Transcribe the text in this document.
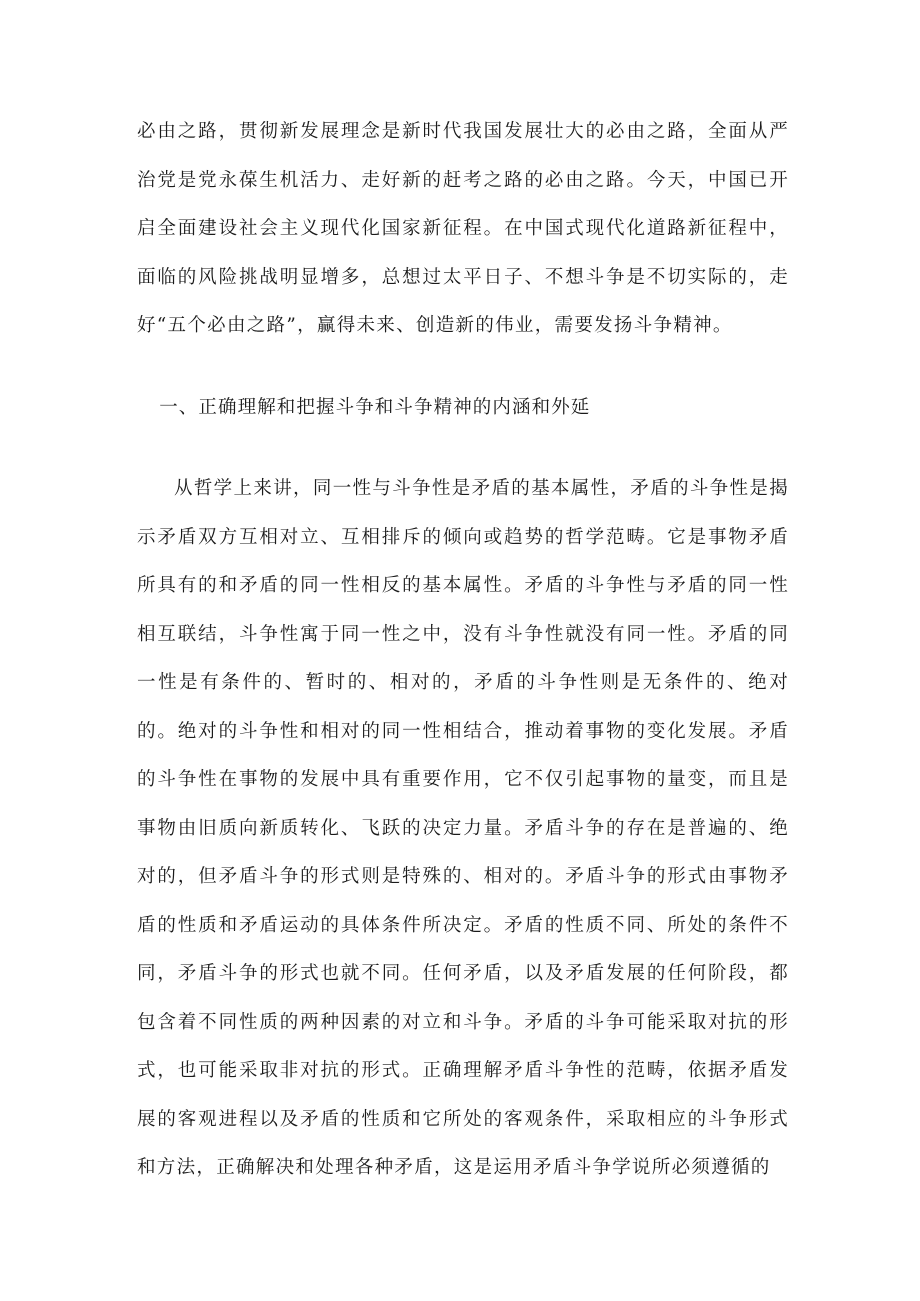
必由之路，贯彻新发展理念是新时代我国发展壮大的必由之路，全面从严治党是党永葆生机活力、走好新的赶考之路的必由之路。今天，中国已开启全面建设社会主义现代化国家新征程。在中国式现代化道路新征程中，面临的风险挑战明显增多，总想过太平日子、不想斗争是不切实际的，走好“五个必由之路”，赢得未来、创造新的伟业，需要发扬斗争精神。

一、正确理解和把握斗争和斗争精神的内涵和外延

从哲学上来讲，同一性与斗争性是矛盾的基本属性，矛盾的斗争性是揭示矛盾双方互相对立、互相排斥的倾向或趋势的哲学范畴。它是事物矛盾所具有的和矛盾的同一性相反的基本属性。矛盾的斗争性与矛盾的同一性相互联结，斗争性寓于同一性之中，没有斗争性就没有同一性。矛盾的同一性是有条件的、暂时的、相对的，矛盾的斗争性则是无条件的、绝对的。绝对的斗争性和相对的同一性相结合，推动着事物的变化发展。矛盾的斗争性在事物的发展中具有重要作用，它不仅引起事物的量变，而且是事物由旧质向新质转化、飞跃的决定力量。矛盾斗争的存在是普遍的、绝对的，但矛盾斗争的形式则是特殊的、相对的。矛盾斗争的形式由事物矛盾的性质和矛盾运动的具体条件所决定。矛盾的性质不同、所处的条件不同，矛盾斗争的形式也就不同。任何矛盾，以及矛盾发展的任何阶段，都包含着不同性质的两种因素的对立和斗争。矛盾的斗争可能采取对抗的形式，也可能采取非对抗的形式。正确理解矛盾斗争性的范畴，依据矛盾发展的客观进程以及矛盾的性质和它所处的客观条件，采取相应的斗争形式和方法，正确解决和处理各种矛盾，这是运用矛盾斗争学说所必须遵循的
